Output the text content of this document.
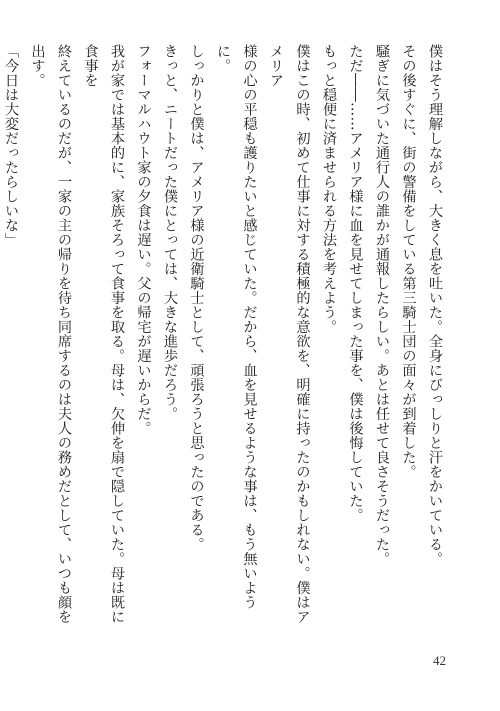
僕はそう理解しながら、大きく息を吐いた。全身にびっしりと汗をかいている。
その後すぐに、街の警備をしている第三騎士団の面々が到着した。
騒ぎに気づいた通行人の誰かが通報したらしい。あとは任せて良さそうだった。
ただ――……アメリア様に血を見せてしまった事を、僕は後悔していた。
もっと穏便に済ませられる方法を考えよう。
僕はこの時、初めて仕事に対する積極的な意欲を、明確に持ったのかもしれない。僕はアメリア
様の心の平穏も護りたいと感じていた。だから、血を見せるような事は、もう無いように。
しっかりと僕は、アメリア様の近衛騎士として、頑張ろうと思ったのである。
きっと、ニートだった僕にとっては、大きな進歩だろう。
フォーマルハウト家の夕食は遅い。父の帰宅が遅いからだ。
我が家では基本的に、家族そろって食事を取る。母は、欠伸を扇で隠していた。母は既に食事を
終えているのだが、一家の主の帰りを待ち同席するのは夫人の務めだとして、いつも顔を出す。
「今日は大変だったらしいな」
42
